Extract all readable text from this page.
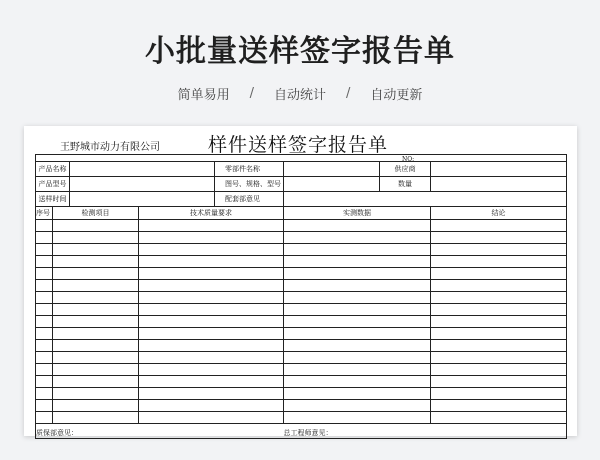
小批量送样签字报告单
简单易用 / 自动统计 / 自动更新
王野城市动力有限公司	样件送样签字报告单
NO:

产品名称				零部件名称		供应商	
产品型号				图号、规格、型号		数量	
送样时间				配套部意见			
序号	检测项目		技术质量要求		实测数据		结论

质保部意见：					总工程师意见：		
